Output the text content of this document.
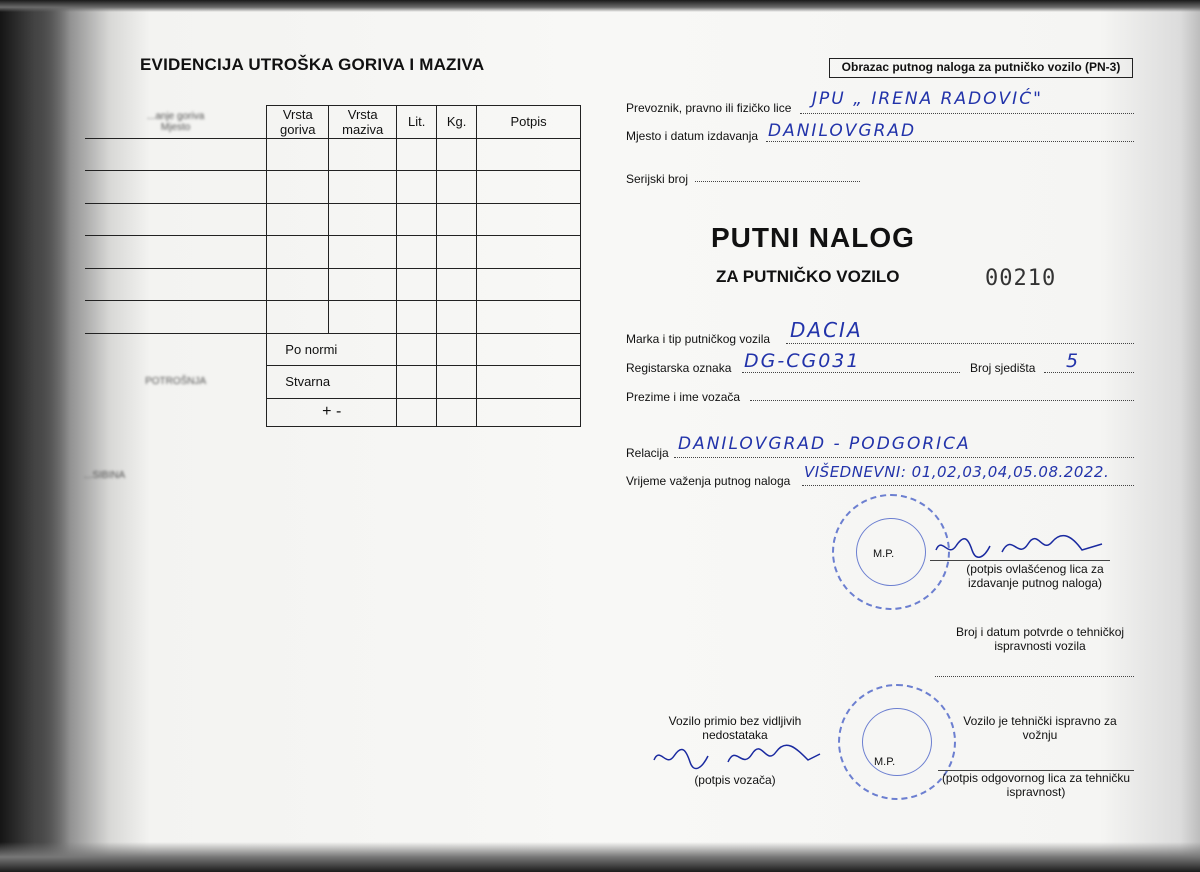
EVIDENCIJA UTROŠKA GORIVA I MAZIVA
...anje goriva
Mjesto	Vrsta goriva	Vrsta maziva	Lit.	Kg.	Potpis

POTROŠNJA	Po normi				
	Stvarna				
	+ -				
...SIBINA
Obrazac putnog naloga za putničko vozilo (PN-3)
Prevoznik, pravno ili fizičko lice JPU „ IRENA RADOVIĆ"
Mjesto i datum izdavanja DANILOVGRAD
Serijski broj
PUTNI NALOG
ZA PUTNIČKO VOZILO	00210
Marka i tip putničkog vozila DACIA
Registarska oznaka DG-CG031	Broj sjedišta 5
Prezime i ime vozača
Relacija DANILOVGRAD - PODGORICA
Vrijeme važenja putnog naloga VIŠEDNEVNI: 01,02,03,04,05.08.2022.
M.P.
(potpis ovlašćenog lica za izdavanje putnog naloga)
Broj i datum potvrde o tehničkoj ispravnosti vozila
M.P.
Vozilo primio bez vidljivih nedostataka
(potpis vozača)
Vozilo je tehnički ispravno za vožnju
(potpis odgovornog lica za tehničku ispravnost)
